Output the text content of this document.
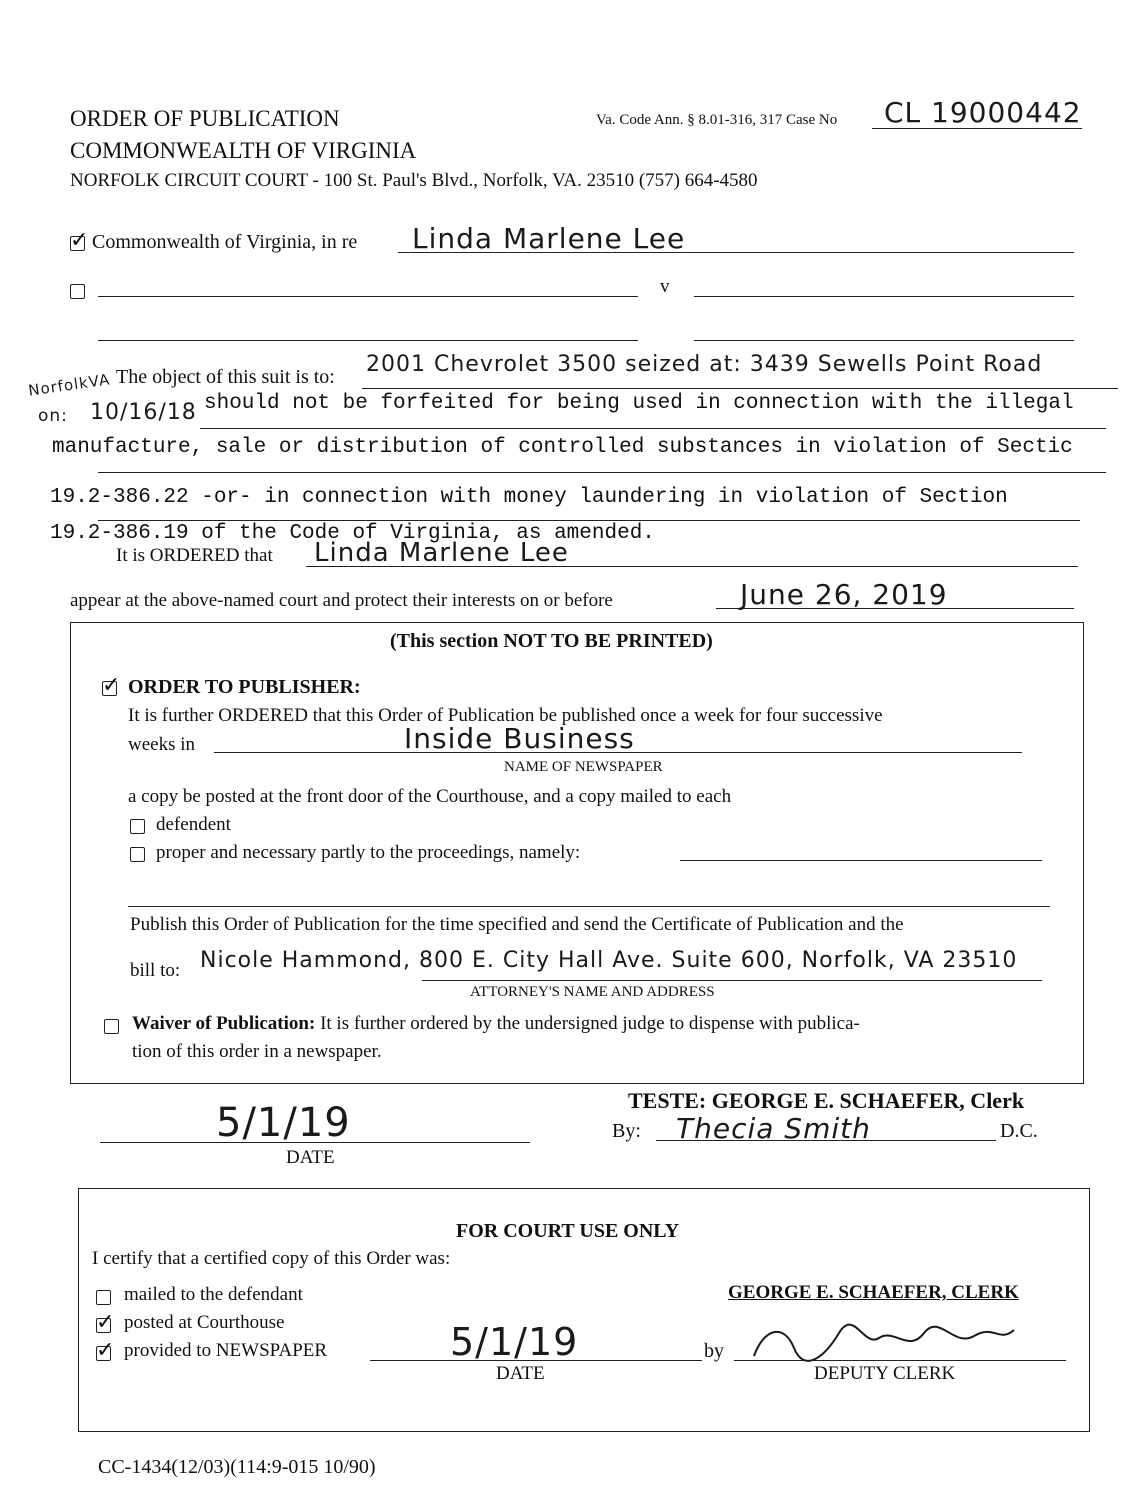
ORDER OF PUBLICATION
COMMONWEALTH OF VIRGINIA
NORFOLK CIRCUIT COURT - 100 St. Paul's Blvd., Norfolk, VA. 23510 (757) 664-4580
Va. Code Ann. § 8.01-316, 317 Case No CL 19000442
✓
Commonwealth of Virginia, in re Linda Marlene Lee
v
NorfolkVA
on: 10/16/18
The object of this suit is to: 2001 Chevrolet 3500 seized at: 3439 Sewells Point Road
should not be forfeited for being used in connection with the illegal
manufacture, sale or distribution of controlled substances in violation of Sectic
19.2-386.22 -or- in connection with money laundering in violation of Section
19.2-386.19 of the Code of Virginia, as amended.
It is ORDERED that Linda Marlene Lee
appear at the above-named court and protect their interests on or before	June 26, 2019
(This section NOT TO BE PRINTED)
✓
ORDER TO PUBLISHER:
It is further ORDERED that this Order of Publication be published once a week for four successive
weeks in	Inside Business
NAME OF NEWSPAPER
a copy be posted at the front door of the Courthouse, and a copy mailed to each
defendent
proper and necessary partly to the proceedings, namely:
Publish this Order of Publication for the time specified and send the Certificate of Publication and the
bill to: Nicole Hammond, 800 E. City Hall Ave. Suite 600, Norfolk, VA 23510
ATTORNEY'S NAME AND ADDRESS
Waiver of Publication: It is further ordered by the undersigned judge to dispense with publica-
tion of this order in a newspaper.
5/1/19
DATE
TESTE: GEORGE E. SCHAEFER, Clerk
By: Thecia Smith	D.C.
FOR COURT USE ONLY
I certify that a certified copy of this Order was:
mailed to the defendant
✓
posted at Courthouse
✓
provided to NEWSPAPER	5/1/19
DATE
by
GEORGE E. SCHAEFER, CLERK
DEPUTY CLERK
CC-1434(12/03)(114:9-015 10/90)
